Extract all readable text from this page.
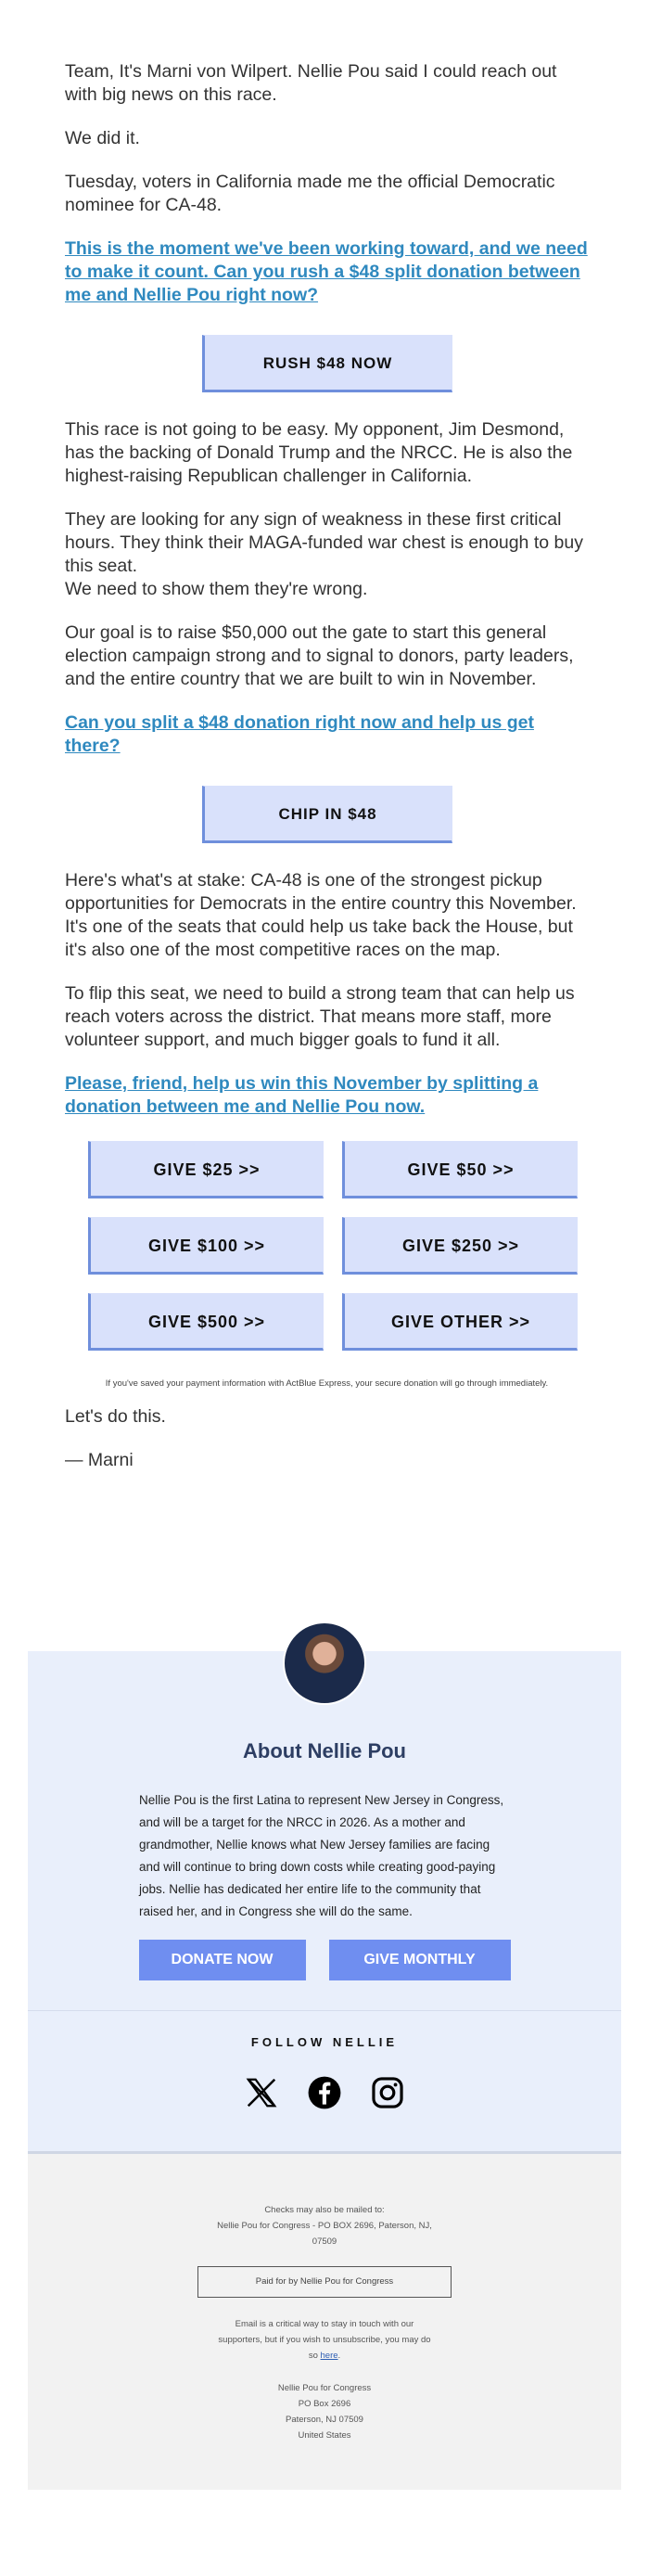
Team, It's Marni von Wilpert. Nellie Pou said I could reach out with big news on this race.

We did it.

Tuesday, voters in California made me the official Democratic nominee for CA-48.

This is the moment we've been working toward, and we need to make it count. Can you rush a $48 split donation between me and Nellie Pou right now?
RUSH $48 NOW

This race is not going to be easy. My opponent, Jim Desmond, has the backing of Donald Trump and the NRCC. He is also the highest-raising Republican challenger in California.

They are looking for any sign of weakness in these first critical hours. They think their MAGA-funded war chest is enough to buy this seat.
We need to show them they're wrong.

Our goal is to raise $50,000 out the gate to start this general election campaign strong and to signal to donors, party leaders, and the entire country that we are built to win in November.

Can you split a $48 donation right now and help us get there?
CHIP IN $48

Here's what's at stake: CA-48 is one of the strongest pickup opportunities for Democrats in the entire country this November. It's one of the seats that could help us take back the House, but it's also one of the most competitive races on the map.

To flip this seat, we need to build a strong team that can help us reach voters across the district. That means more staff, more volunteer support, and much bigger goals to fund it all.

Please, friend, help us win this November by splitting a donation between me and Nellie Pou now.
GIVE $25 >>	GIVE $50 >>
GIVE $100 >>	GIVE $250 >>
GIVE $500 >>	GIVE OTHER >>

If you've saved your payment information with ActBlue Express, your secure donation will go through immediately.

Let's do this.

— Marni

About Nellie Pou
Nellie Pou is the first Latina to represent New Jersey in Congress, and will be a target for the NRCC in 2026. As a mother and grandmother, Nellie knows what New Jersey families are facing and will continue to bring down costs while creating good-paying jobs. Nellie has dedicated her entire life to the community that raised her, and in Congress she will do the same.
DONATE NOW	GIVE MONTHLY
FOLLOW NELLIE
Checks may also be mailed to:
Nellie Pou for Congress - PO BOX 2696, Paterson, NJ,
07509
Paid for by Nellie Pou for Congress
Email is a critical way to stay in touch with our
supporters, but if you wish to unsubscribe, you may do
so here.
Nellie Pou for Congress
PO Box 2696
Paterson, NJ 07509
United States
